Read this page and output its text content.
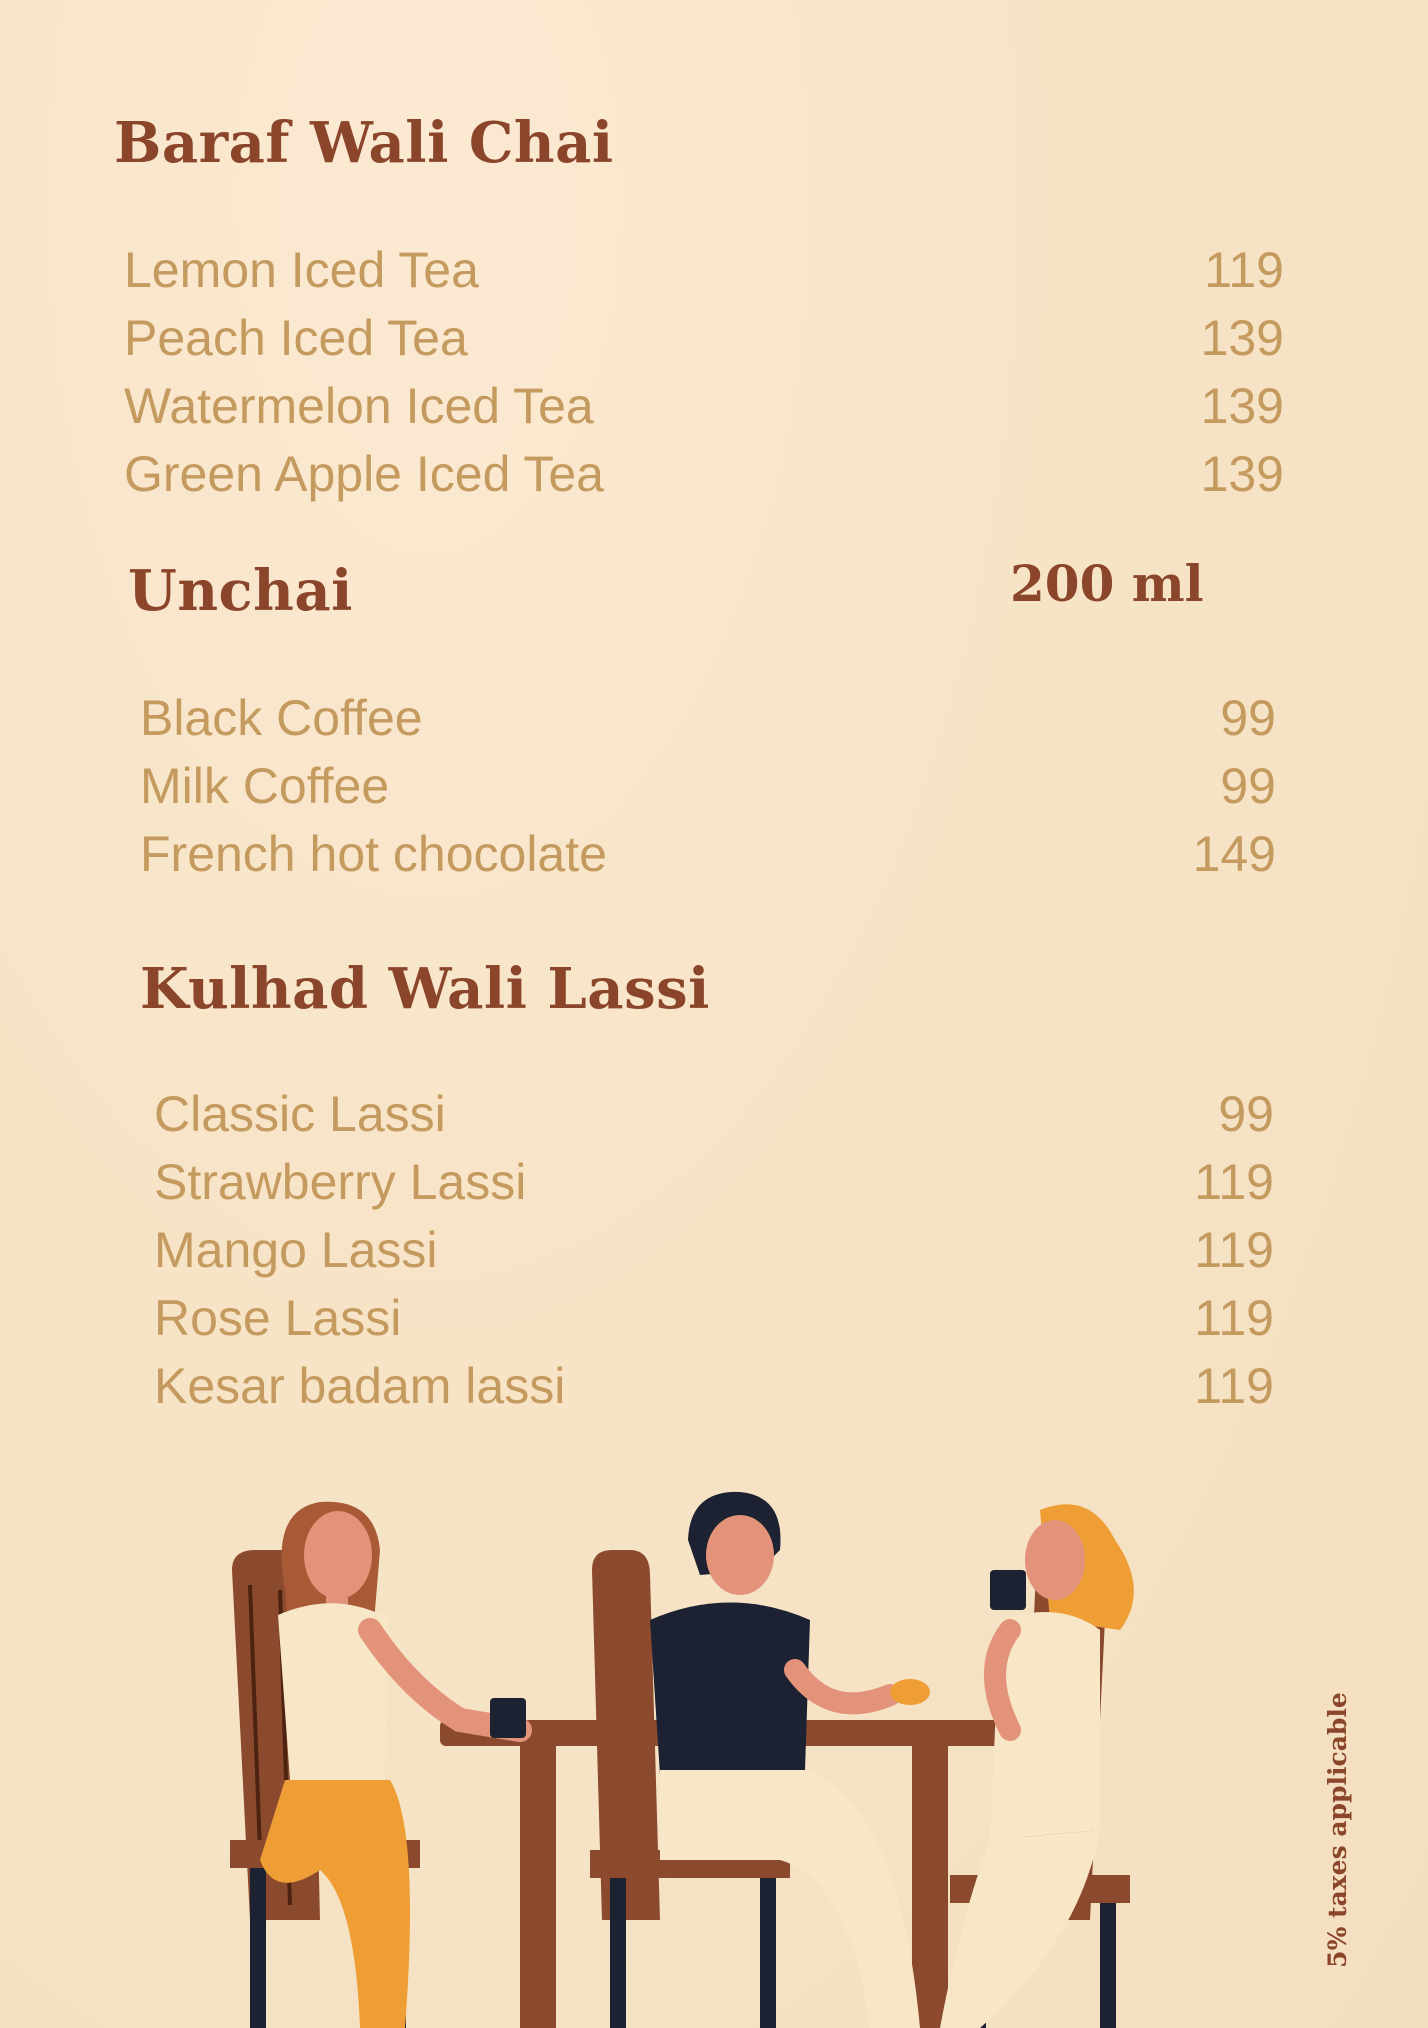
Baraf Wali Chai
Lemon Iced Tea	119
Peach Iced Tea	139
Watermelon Iced Tea	139
Green Apple Iced Tea	139
Unchai	200 ml
Black Coffee	99
Milk Coffee	99
French hot chocolate	149
Kulhad Wali Lassi
Classic Lassi	99
Strawberry Lassi	119
Mango Lassi	119
Rose Lassi	119
Kesar badam lassi	119
5% taxes applicable
